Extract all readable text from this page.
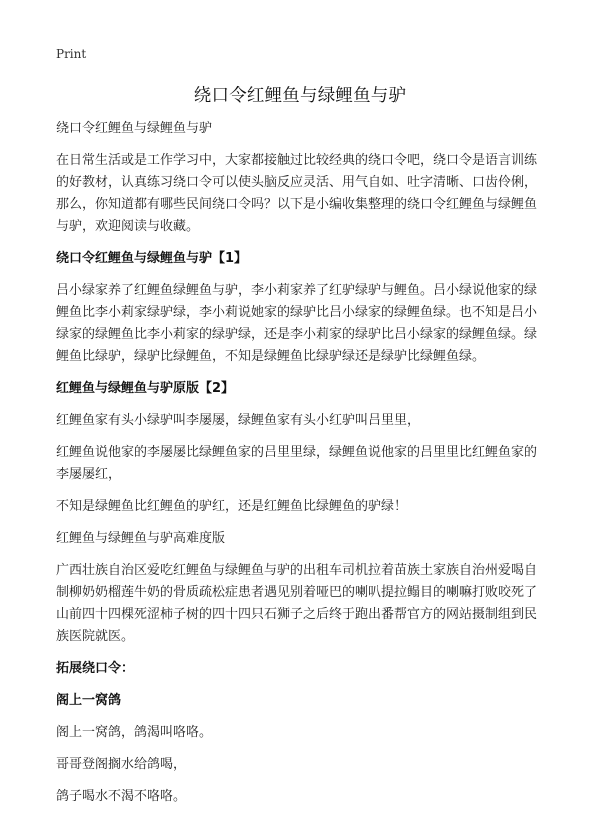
Print
绕口令红鲤鱼与绿鲤鱼与驴

绕口令红鲤鱼与绿鲤鱼与驴

在日常生活或是工作学习中，大家都接触过比较经典的绕口令吧，绕口令是语言训练的好教材，认真练习绕口令可以使头脑反应灵活、用气自如、吐字清晰、口齿伶俐，那么，你知道都有哪些民间绕口令吗？以下是小编收集整理的绕口令红鲤鱼与绿鲤鱼与驴，欢迎阅读与收藏。

绕口令红鲤鱼与绿鲤鱼与驴【1】

吕小绿家养了红鲤鱼绿鲤鱼与驴，李小莉家养了红驴绿驴与鲤鱼。吕小绿说他家的绿鲤鱼比李小莉家绿驴绿，李小莉说她家的绿驴比吕小绿家的绿鲤鱼绿。也不知是吕小绿家的绿鲤鱼比李小莉家的绿驴绿，还是李小莉家的绿驴比吕小绿家的绿鲤鱼绿。绿鲤鱼比绿驴，绿驴比绿鲤鱼，不知是绿鲤鱼比绿驴绿还是绿驴比绿鲤鱼绿。

红鲤鱼与绿鲤鱼与驴原版【2】

红鲤鱼家有头小绿驴叫李屡屡，绿鲤鱼家有头小红驴叫吕里里，

红鲤鱼说他家的李屡屡比绿鲤鱼家的吕里里绿，绿鲤鱼说他家的吕里里比红鲤鱼家的李屡屡红，

不知是绿鲤鱼比红鲤鱼的驴红，还是红鲤鱼比绿鲤鱼的驴绿！

红鲤鱼与绿鲤鱼与驴高难度版

广西壮族自治区爱吃红鲤鱼与绿鲤鱼与驴的出租车司机拉着苗族土家族自治州爱喝自制柳奶奶榴莲牛奶的骨质疏松症患者遇见别着哑巴的喇叭提拉鳎目的喇嘛打败咬死了山前四十四棵死涩柿子树的四十四只石狮子之后终于跑出番帮官方的网站摄制组到民族医院就医。

拓展绕口令：

阁上一窝鸽

阁上一窝鸽，鸽渴叫咯咯。

哥哥登阁搁水给鸽喝，

鸽子喝水不渴不咯咯。
